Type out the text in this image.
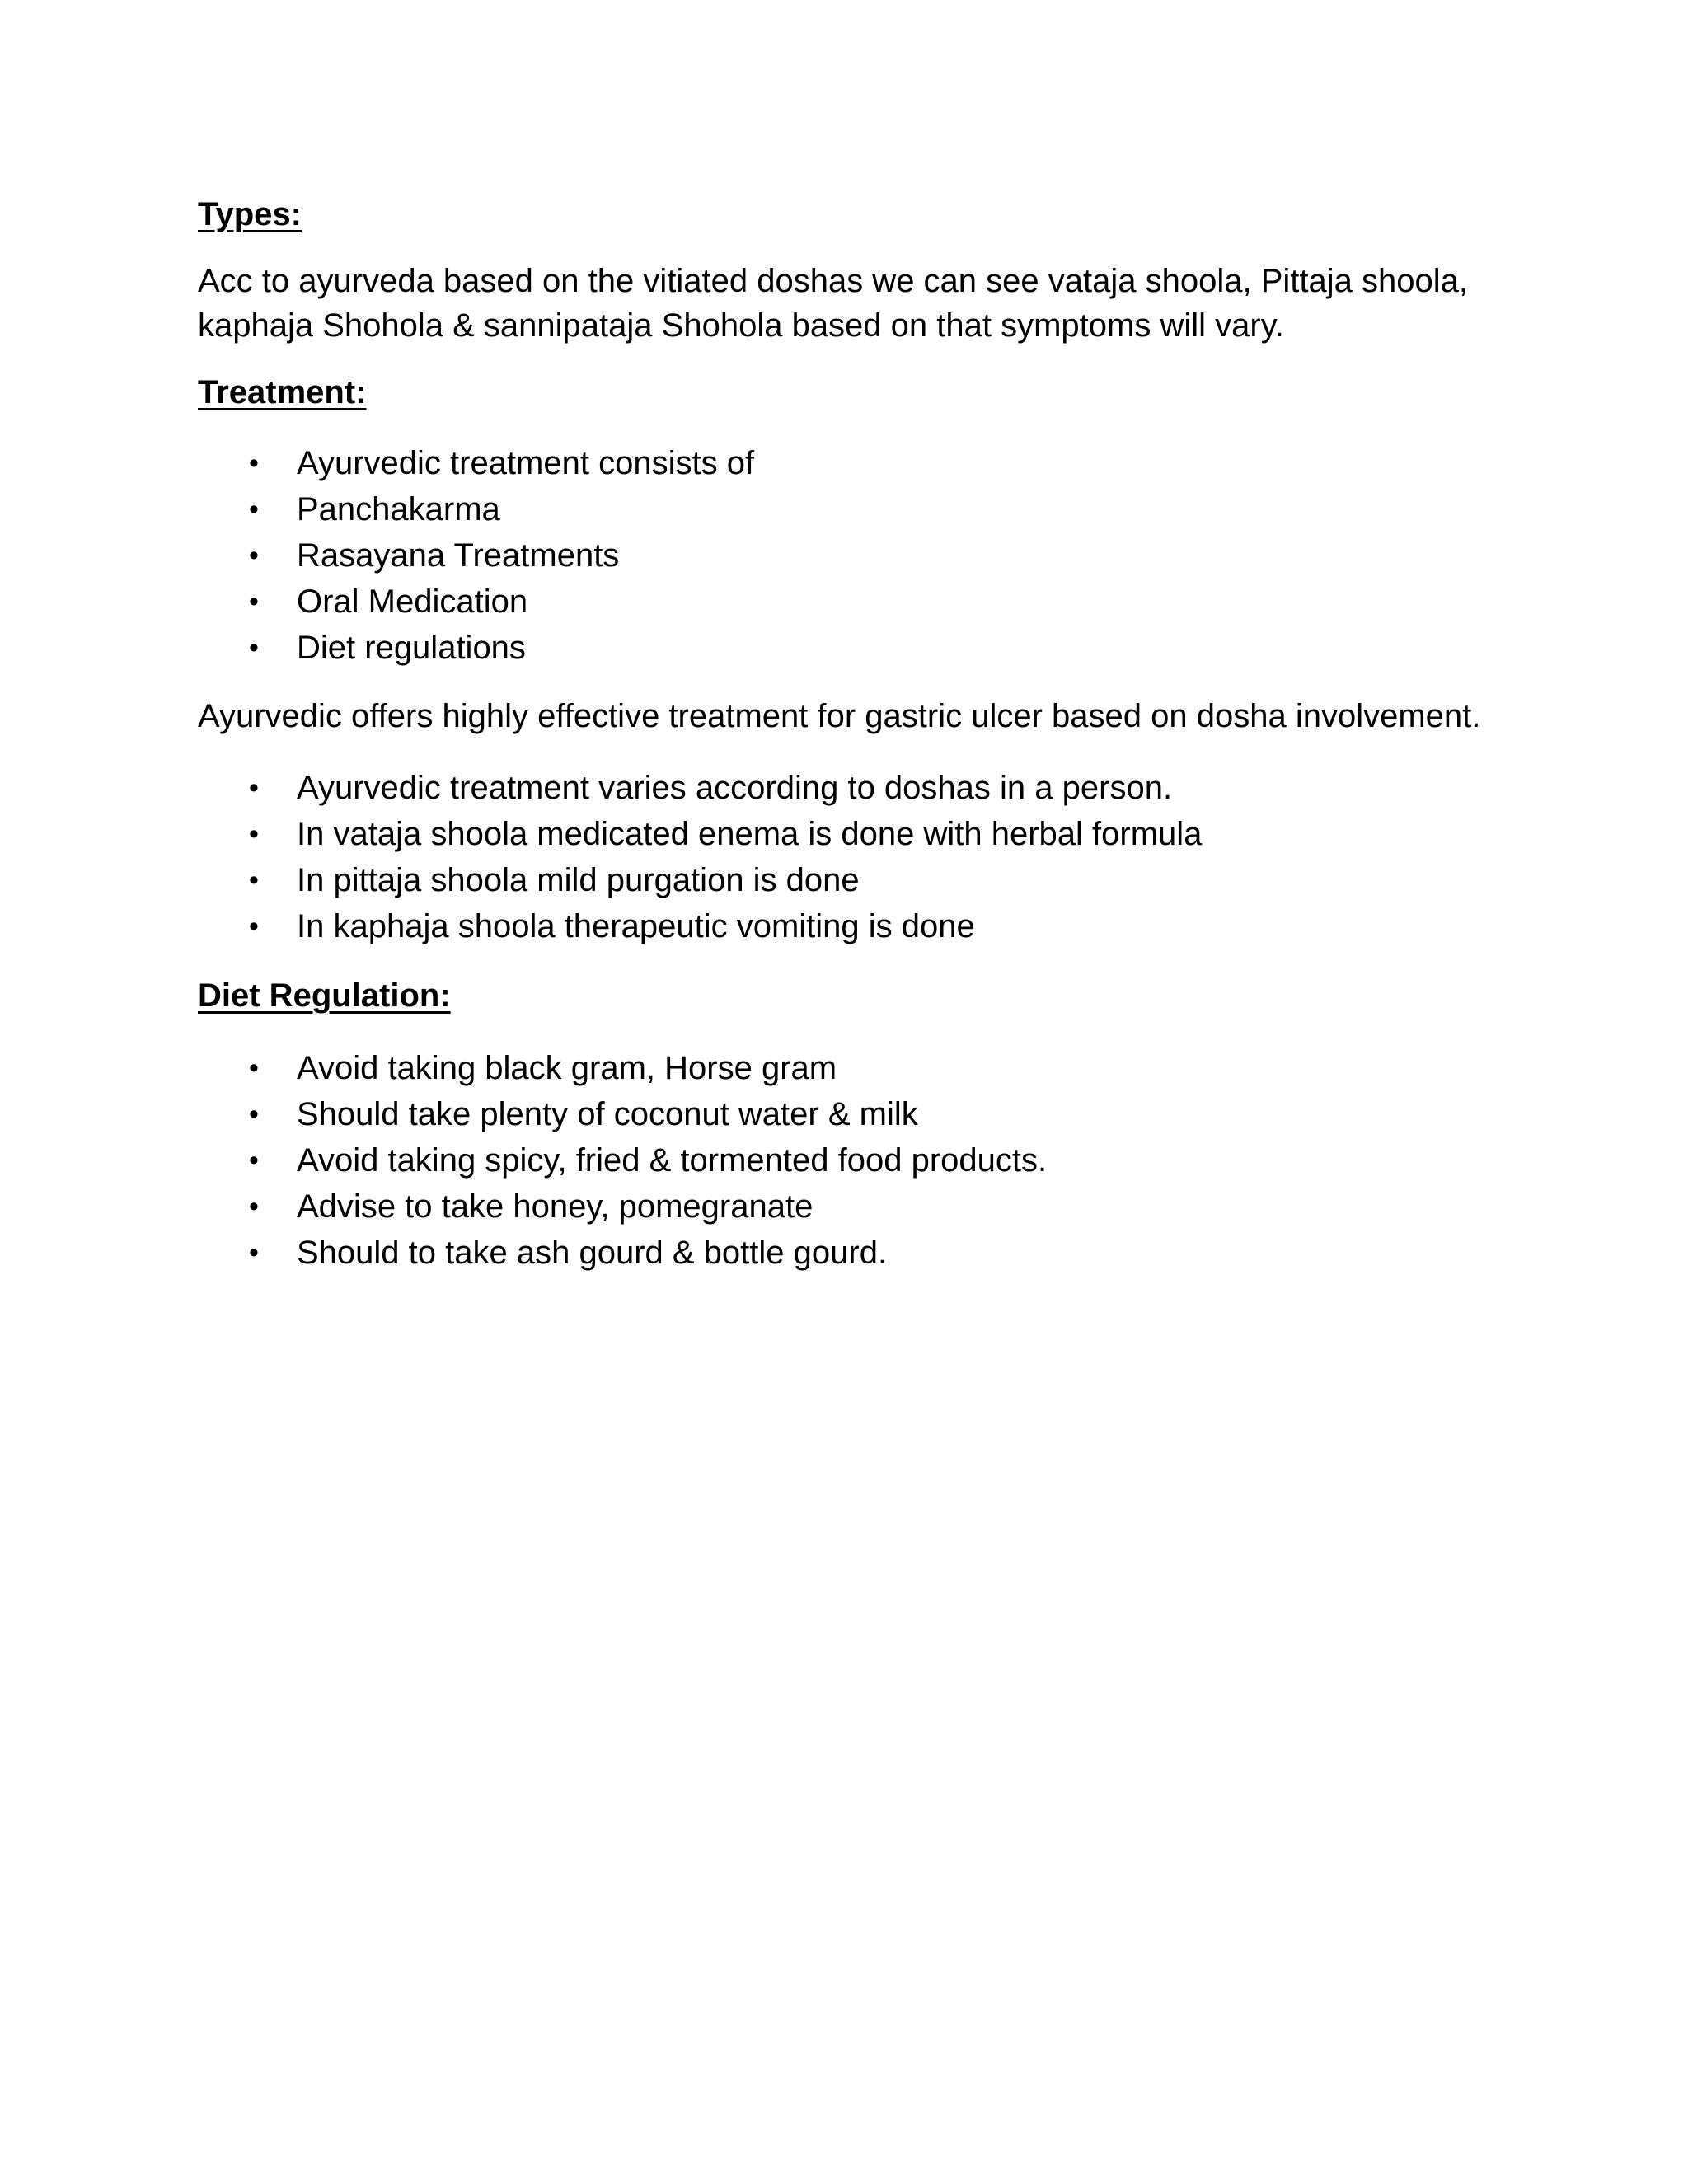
Types:

Acc to ayurveda based on the vitiated doshas we can see vataja shoola, Pittaja shoola,
kaphaja Shohola & sannipataja Shohola based on that symptoms will vary.

Treatment:
• Ayurvedic treatment consists of
• Panchakarma
• Rasayana Treatments
• Oral Medication
• Diet regulations

Ayurvedic offers highly effective treatment for gastric ulcer based on dosha involvement.

• Ayurvedic treatment varies according to doshas in a person.
• In vataja shoola medicated enema is done with herbal formula
• In pittaja shoola mild purgation is done
• In kaphaja shoola therapeutic vomiting is done
Diet Regulation:
• Avoid taking black gram, Horse gram
• Should take plenty of coconut water & milk
• Avoid taking spicy, fried & tormented food products.
• Advise to take honey, pomegranate
• Should to take ash gourd & bottle gourd.
